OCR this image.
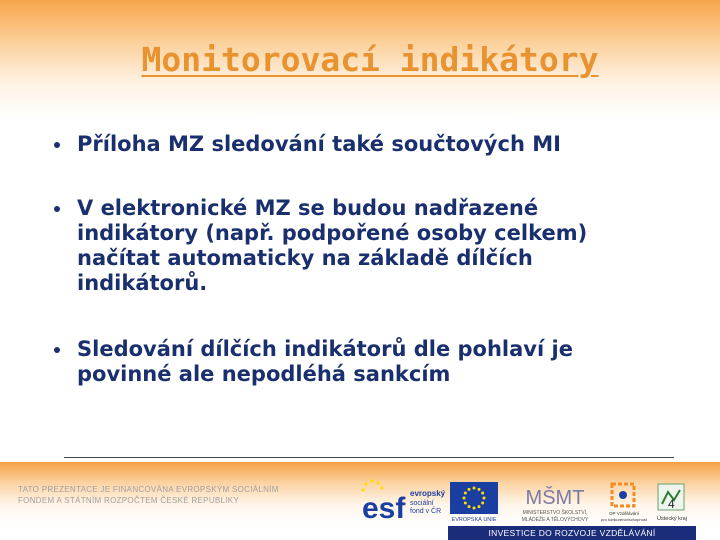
Monitorovací indikátory
Příloha MZ sledování také součtových MI
V elektronické MZ se budou nadřazené
indikátory (např. podpořené osoby celkem)
načítat automaticky na základě dílčích
indikátorů.
Sledování dílčích indikátorů dle pohlaví je
povinné ale nepodléhá sankcím
TATO PREZENTACE JE FINANCOVÁNA EVROPSKÝM SOCIÁLNÍM
FONDEM A STÁTNÍM ROZPOČTEM ČESKÉ REPUBLIKY	esf evropský
sociální
fond v ČR
EVROPSKÁ UNIE
MŠMT
MINISTERSTVO ŠKOLSTVÍ,
MLÁDEŽE A TĚLOVÝCHOVY
OP Vzdělávání
pro konkurenceschopnost Ústecký kraj
INVESTICE DO ROZVOJE VZDĚLÁVÁNÍ
4
